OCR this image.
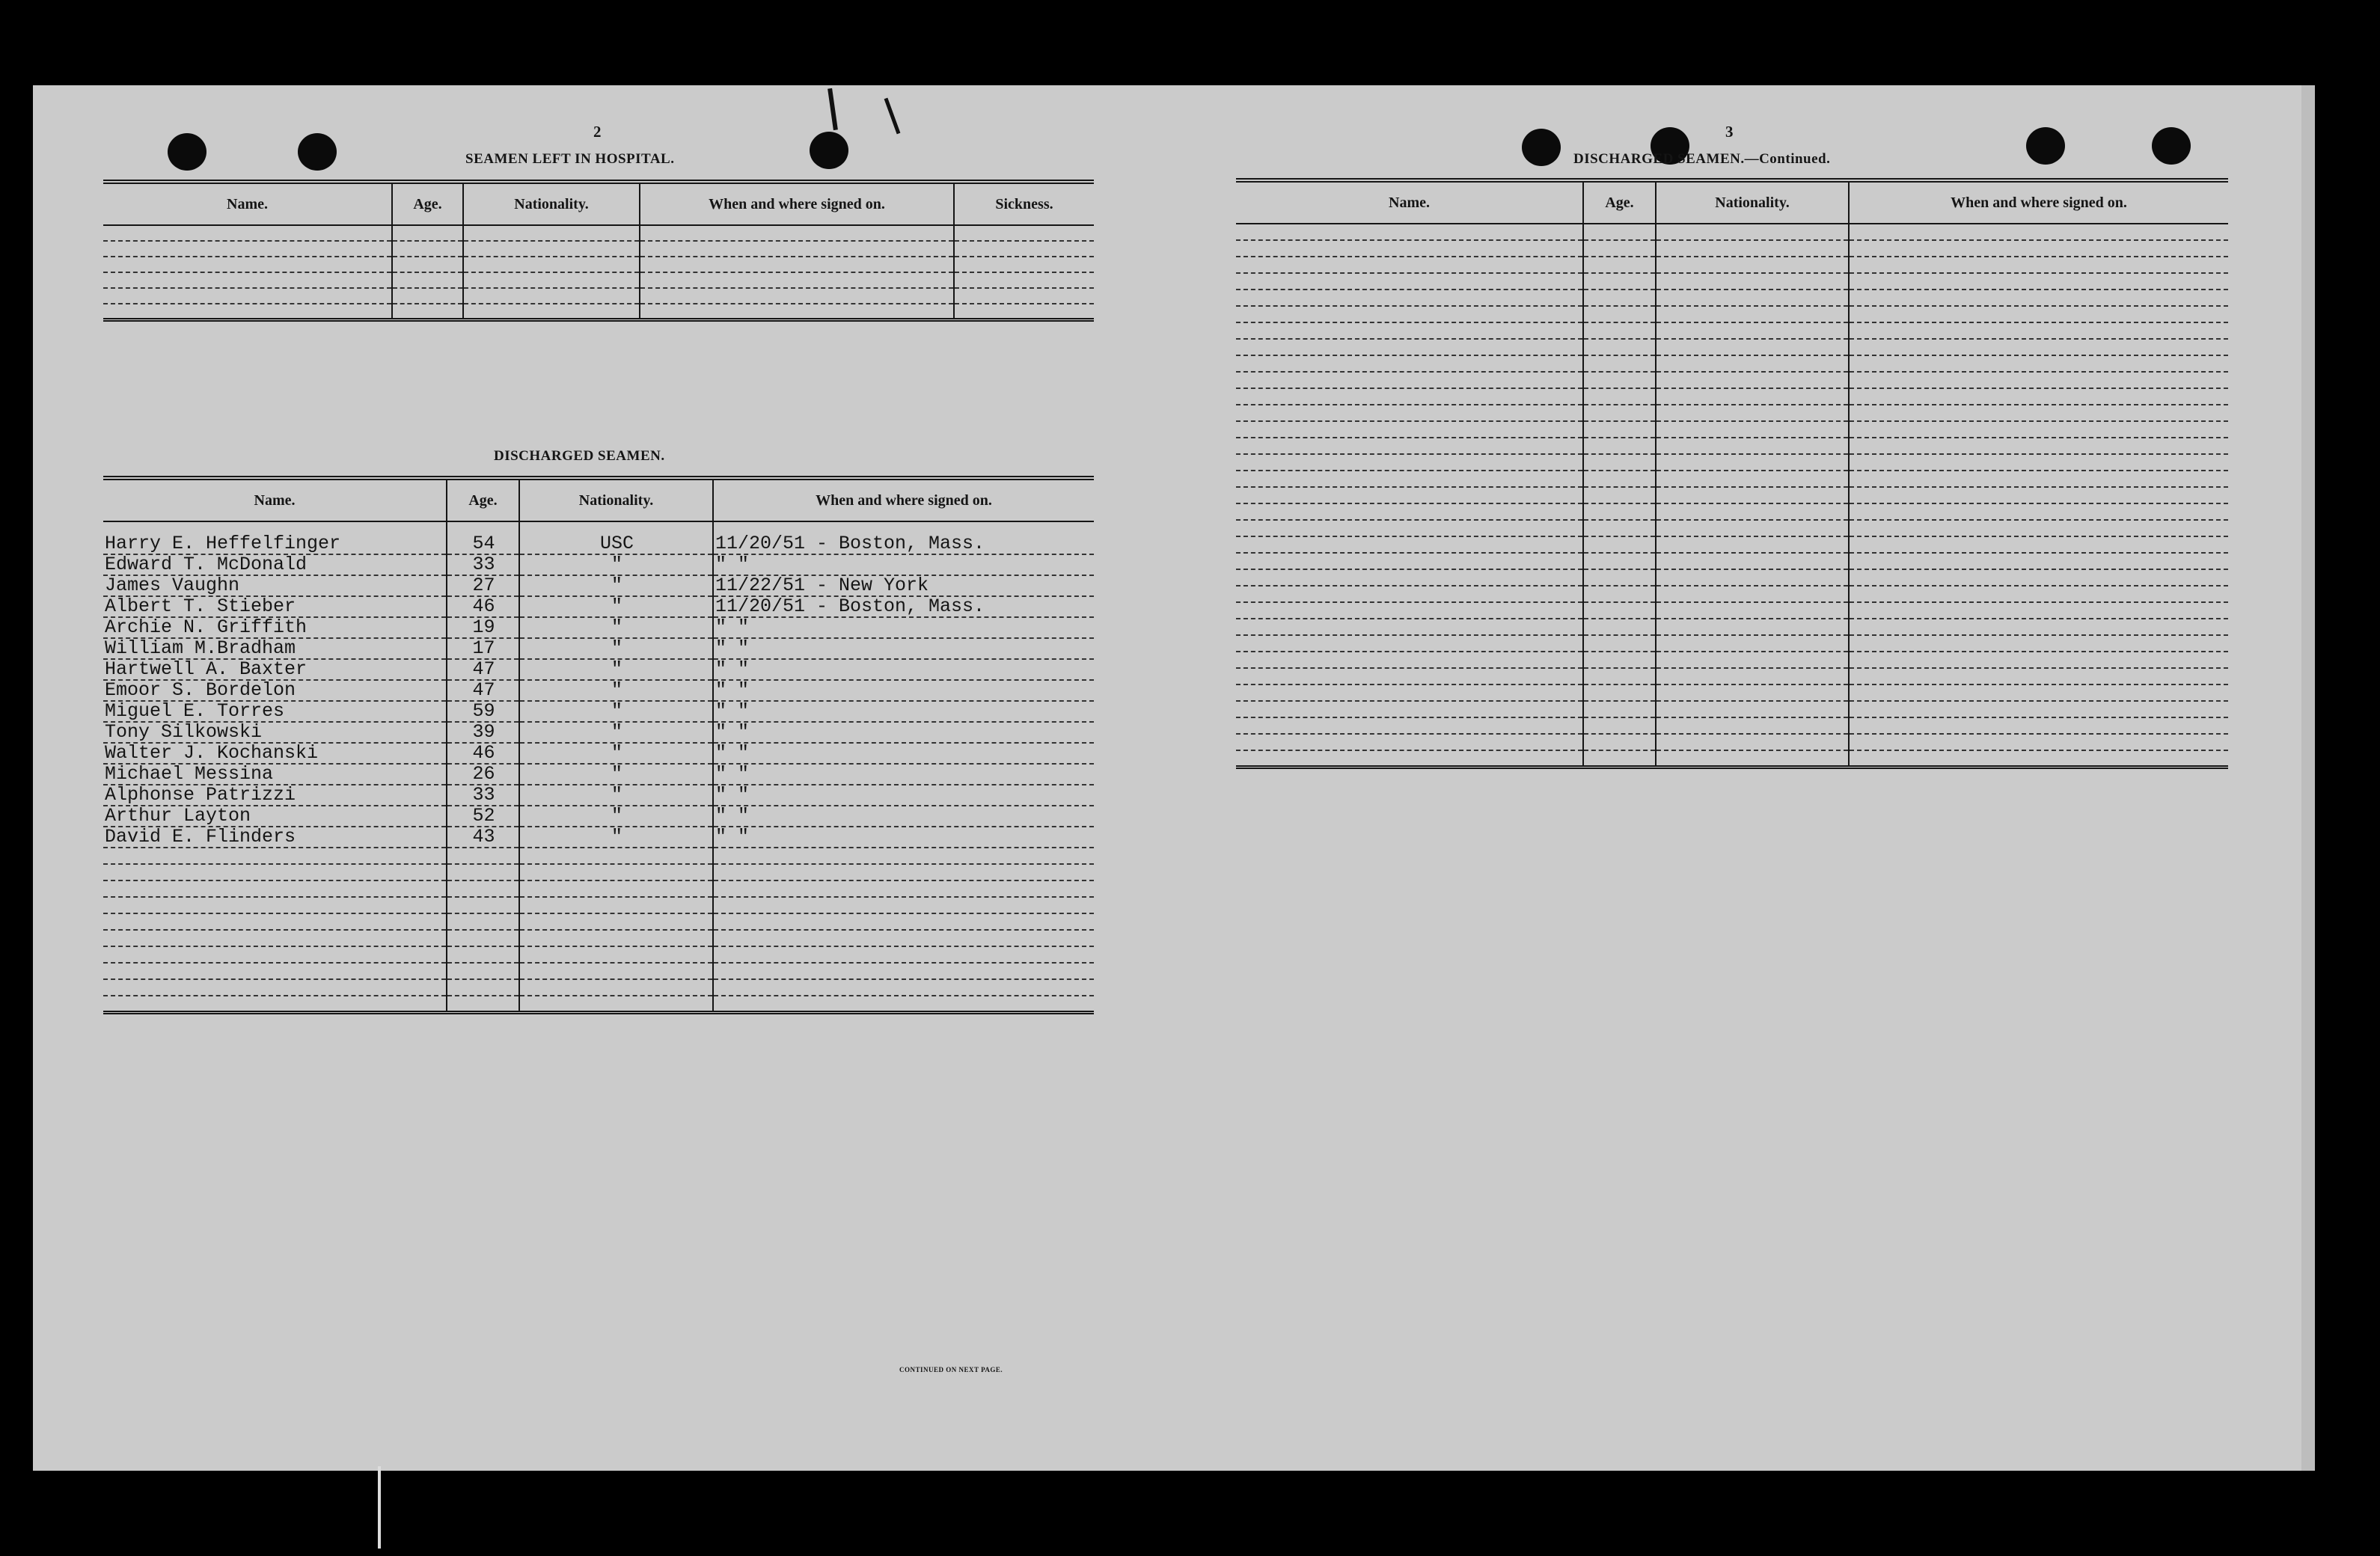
2
SEAMEN LEFT IN HOSPITAL.
Name.	Age.	Nationality.	When and where signed on.	Sickness.

DISCHARGED SEAMEN.
Name.	Age.	Nationality.	When and where signed on.
Harry E. Heffelfinger	54	USC	11/20/51 - Boston, Mass.
Edward T. McDonald	33	"	" "
James Vaughn	27	"	11/22/51 - New York
Albert T. Stieber	46	"	11/20/51 - Boston, Mass.
Archie N. Griffith	19	"	" "
William M.Bradham	17	"	" "
Hartwell A. Baxter	47	"	" "
Emoor S. Bordelon	47	"	" "
Miguel E. Torres	59	"	" "
Tony Silkowski	39	"	" "
Walter J. Kochanski	46	"	" "
Michael Messina	26	"	" "
Alphonse Patrizzi	33	"	" "
Arthur Layton	52	"	" "
David E. Flinders	43	"	" "

CONTINUED ON NEXT PAGE.
3
DISCHARGED SEAMEN.—Continued.
Name.	Age.	Nationality.	When and where signed on.
